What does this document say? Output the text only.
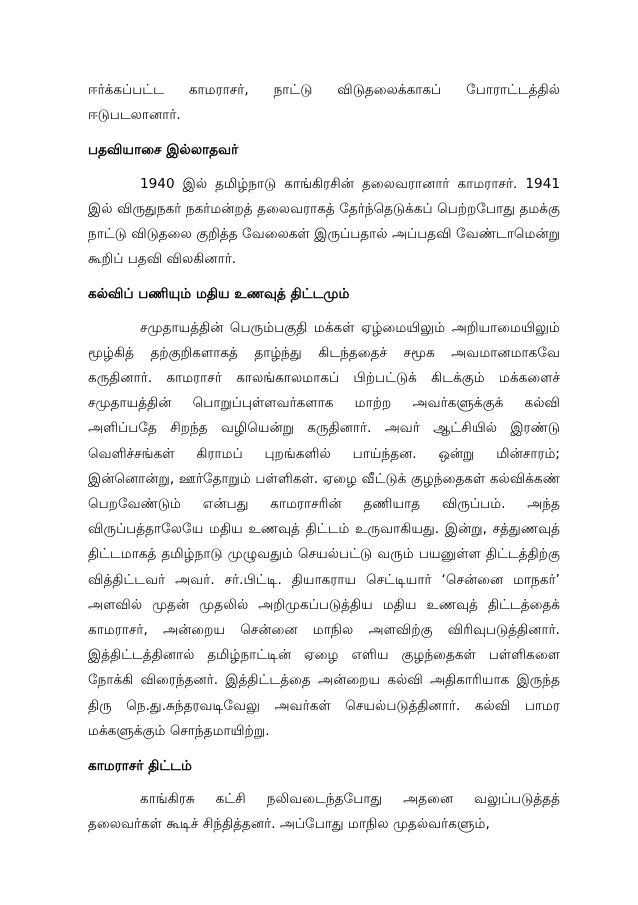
ஈர்க்கப்பட்ட காமராசர், நாட்டு விடுதலைக்காகப் போராட்டத்தில் ஈடுபடலானார்.

பதவியாசை இல்லாதவர்

1940 இல் தமிழ்நாடு காங்கிரசின் தலைவரானார் காமராசர். 1941 இல் விருதுநகர் நகர்மன்றத் தலைவராகத் தேர்ந்தெடுக்கப் பெற்றபோது தமக்கு நாட்டு விடுதலை குறித்த வேலைகள் இருப்பதால் அப்பதவி வேண்டாமென்று கூறிப் பதவி விலகினார்.

கல்விப் பணியும் மதிய உணவுத் திட்டமும்

சமுதாயத்தின் பெரும்பகுதி மக்கள் ஏழ்மையிலும் அறியாமையிலும் மூழ்கித் தற்குறிகளாகத் தாழ்ந்து கிடந்ததைச் சமூக அவமானமாகவே கருதினார். காமராசர் காலங்காலமாகப் பிற்பட்டுக் கிடக்கும் மக்களைச் சமுதாயத்தின் பொறுப்புள்ளவர்களாக மாற்ற அவர்களுக்குக் கல்வி அளிப்பதே சிறந்த வழியென்று கருதினார். அவர் ஆட்சியில் இரண்டு வெளிச்சங்கள் கிராமப் புறங்களில் பாய்ந்தன. ஒன்று மின்சாரம்; இன்னொன்று, ஊர்தோறும் பள்ளிகள். ஏழை வீட்டுக் குழந்தைகள் கல்விக்கண் பெறவேண்டும் என்பது காமராசரின் தணியாத விருப்பம். அந்த விருப்பத்தாலேயே மதிய உணவுத் திட்டம் உருவாகியது. இன்று, சத்துணவுத் திட்டமாகத் தமிழ்நாடு முழுவதும் செயல்பட்டு வரும் பயனுள்ள திட்டத்திற்கு வித்திட்டவர் அவர். சர்.பிட்டி. தியாகராய செட்டியார் ‘சென்னை மாநகர்’ அளவில் முதன் முதலில் அறிமுகப்படுத்திய மதிய உணவுத் திட்டத்தைக் காமராசர், அன்றைய சென்னை மாநில அளவிற்கு விரிவுபடுத்தினார். இத்திட்டத்தினால் தமிழ்நாட்டின் ஏழை எளிய குழந்தைகள் பள்ளிகளை நோக்கி விரைந்தனர். இத்திட்டத்தை அன்றைய கல்வி அதிகாரியாக இருந்த திரு நெ.து.சுந்தரவடிவேலு அவர்கள் செயல்படுத்தினார். கல்வி பாமர மக்களுக்கும் சொந்தமாயிற்று.

காமராசர் திட்டம்

காங்கிரசு கட்சி நலிவடைந்தபோது அதனை வலுப்படுத்தத் தலைவர்கள் கூடிச் சிந்தித்தனர். அப்போது மாநில முதல்வர்களும்,
